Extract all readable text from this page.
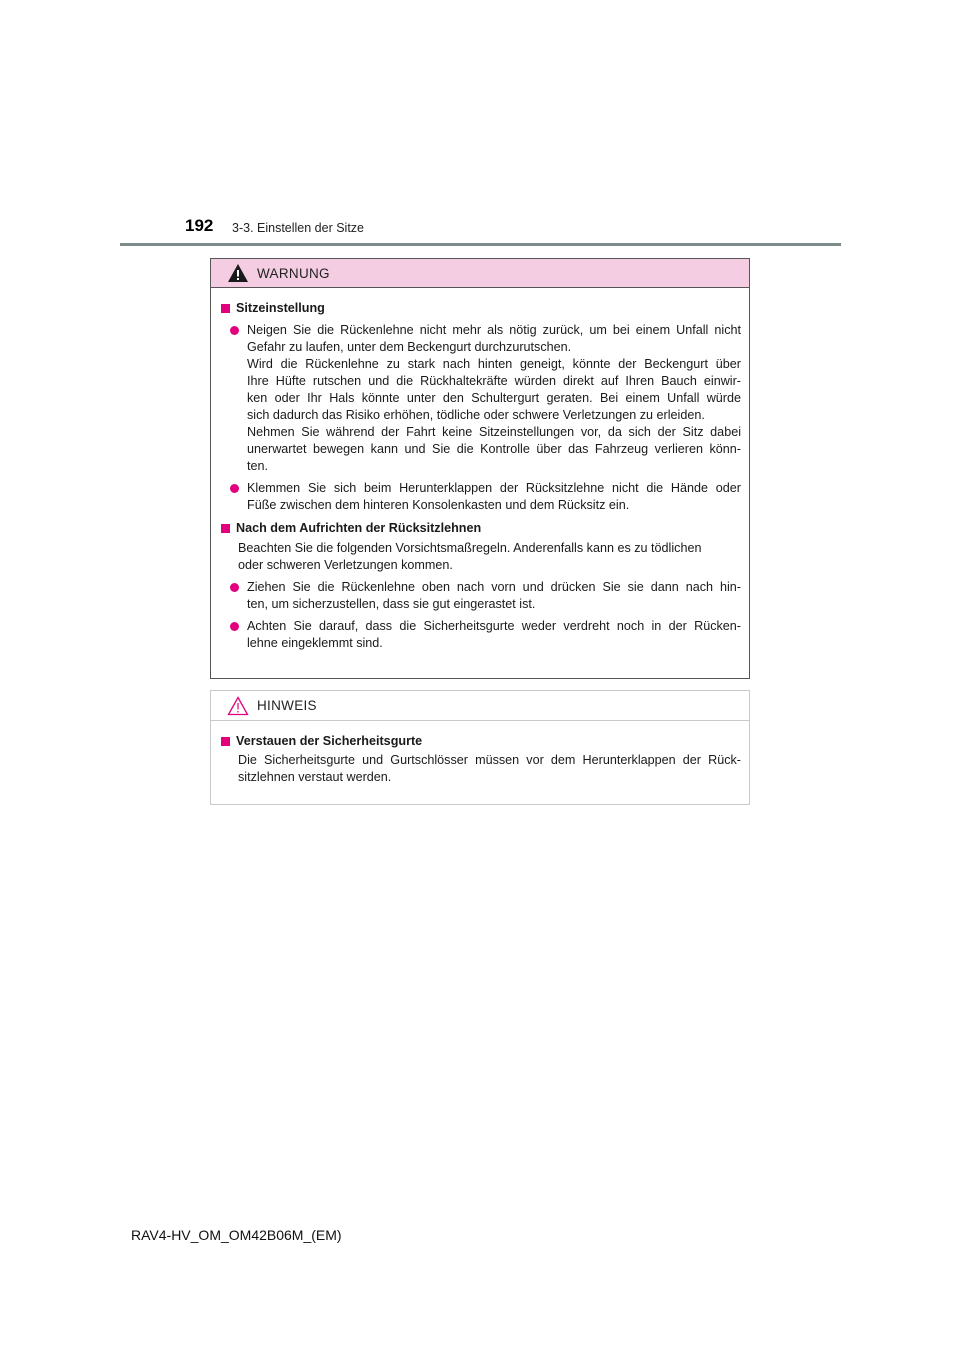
192 3-3. Einstellen der Sitze
WARNUNG
Sitzeinstellung
Neigen Sie die Rückenlehne nicht mehr als nötig zurück, um bei einem Unfall nicht
Gefahr zu laufen, unter dem Beckengurt durchzurutschen.
Wird die Rückenlehne zu stark nach hinten geneigt, könnte der Beckengurt über
Ihre Hüfte rutschen und die Rückhaltekräfte würden direkt auf Ihren Bauch einwir-
ken oder Ihr Hals könnte unter den Schultergurt geraten. Bei einem Unfall würde
sich dadurch das Risiko erhöhen, tödliche oder schwere Verletzungen zu erleiden.
Nehmen Sie während der Fahrt keine Sitzeinstellungen vor, da sich der Sitz dabei
unerwartet bewegen kann und Sie die Kontrolle über das Fahrzeug verlieren könn-
ten.
Klemmen Sie sich beim Herunterklappen der Rücksitzlehne nicht die Hände oder
Füße zwischen dem hinteren Konsolenkasten und dem Rücksitz ein.
Nach dem Aufrichten der Rücksitzlehnen
Beachten Sie die folgenden Vorsichtsmaßregeln. Anderenfalls kann es zu tödlichen
oder schweren Verletzungen kommen.
Ziehen Sie die Rückenlehne oben nach vorn und drücken Sie sie dann nach hin-
ten, um sicherzustellen, dass sie gut eingerastet ist.
Achten Sie darauf, dass die Sicherheitsgurte weder verdreht noch in der Rücken-
lehne eingeklemmt sind.
HINWEIS
Verstauen der Sicherheitsgurte
Die Sicherheitsgurte und Gurtschlösser müssen vor dem Herunterklappen der Rück-
sitzlehnen verstaut werden.
RAV4-HV_OM_OM42B06M_(EM)
